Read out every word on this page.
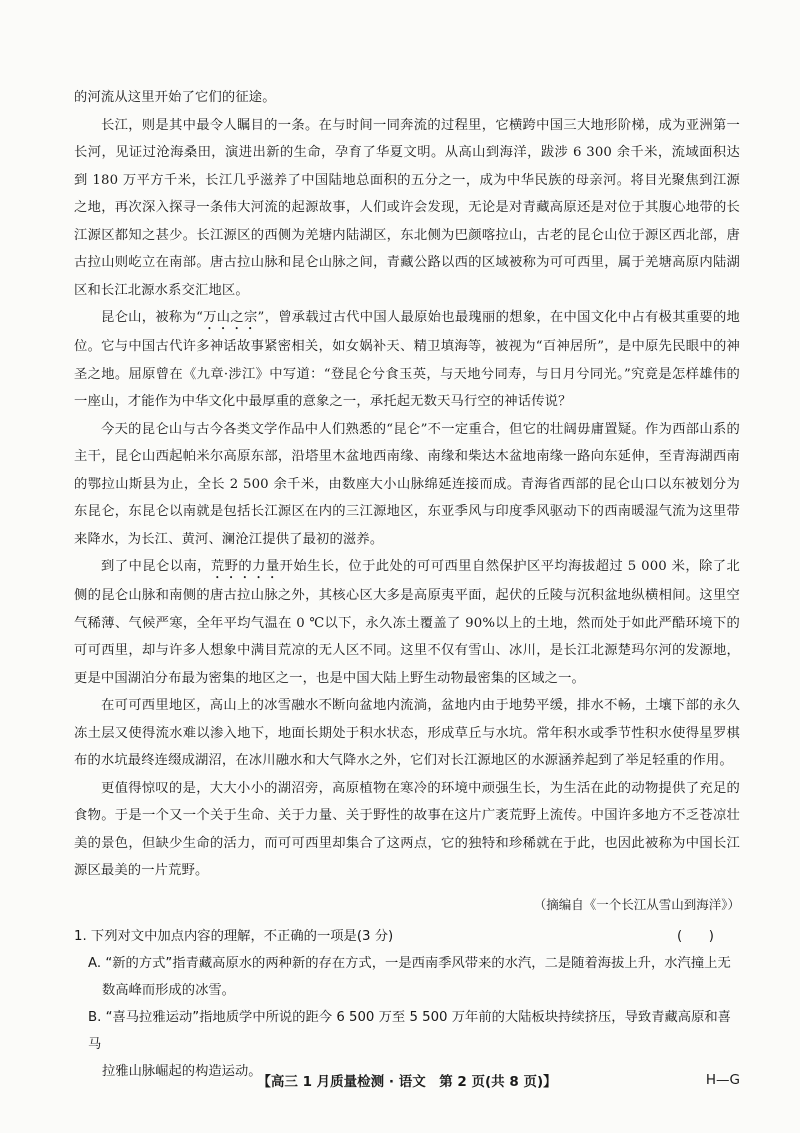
的河流从这里开始了它们的征途。

长江，则是其中最令人瞩目的一条。在与时间一同奔流的过程里，它横跨中国三大地形阶梯，成为亚洲第一长河，见证过沧海桑田，演进出新的生命，孕育了华夏文明。从高山到海洋，跋涉 6 300 余千米，流域面积达到 180 万平方千米，长江几乎滋养了中国陆地总面积的五分之一，成为中华民族的母亲河。将目光聚焦到江源之地，再次深入探寻一条伟大河流的起源故事，人们或许会发现，无论是对青藏高原还是对位于其腹心地带的长江源区都知之甚少。长江源区的西侧为羌塘内陆湖区，东北侧为巴颜喀拉山，古老的昆仑山位于源区西北部，唐古拉山则屹立在南部。唐古拉山脉和昆仑山脉之间，青藏公路以西的区域被称为可可西里，属于羌塘高原内陆湖区和长江北源水系交汇地区。

昆仑山，被称为“万山之宗”，曾承载过古代中国人最原始也最瑰丽的想象，在中国文化中占有极其重要的地位。它与中国古代许多神话故事紧密相关，如女娲补天、精卫填海等，被视为“百神居所”，是中原先民眼中的神圣之地。屈原曾在《九章·涉江》中写道：“登昆仑兮食玉英，与天地兮同寿，与日月兮同光。”究竟是怎样雄伟的一座山，才能作为中华文化中最厚重的意象之一，承托起无数天马行空的神话传说？

今天的昆仑山与古今各类文学作品中人们熟悉的“昆仑”不一定重合，但它的壮阔毋庸置疑。作为西部山系的主干，昆仑山西起帕米尔高原东部，沿塔里木盆地西南缘、南缘和柴达木盆地南缘一路向东延伸，至青海湖西南的鄂拉山斯县为止，全长 2 500 余千米，由数座大小山脉绵延连接而成。青海省西部的昆仑山口以东被划分为东昆仑，东昆仑以南就是包括长江源区在内的三江源地区，东亚季风与印度季风驱动下的西南暖湿气流为这里带来降水，为长江、黄河、澜沧江提供了最初的滋养。

到了中昆仑以南，荒野的力量开始生长，位于此处的可可西里自然保护区平均海拔超过 5 000 米，除了北侧的昆仑山脉和南侧的唐古拉山脉之外，其核心区大多是高原夷平面，起伏的丘陵与沉积盆地纵横相间。这里空气稀薄、气候严寒，全年平均气温在 0 ℃以下，永久冻土覆盖了 90%以上的土地，然而处于如此严酷环境下的可可西里，却与许多人想象中满目荒凉的无人区不同。这里不仅有雪山、冰川，是长江北源楚玛尔河的发源地，更是中国湖泊分布最为密集的地区之一，也是中国大陆上野生动物最密集的区域之一。

在可可西里地区，高山上的冰雪融水不断向盆地内流淌，盆地内由于地势平缓，排水不畅，土壤下部的永久冻土层又使得流水难以渗入地下，地面长期处于积水状态，形成草丘与水坑。常年积水或季节性积水使得星罗棋布的水坑最终连缀成湖沼，在冰川融水和大气降水之外，它们对长江源地区的水源涵养起到了举足轻重的作用。

更值得惊叹的是，大大小小的湖沼旁，高原植物在寒冷的环境中顽强生长，为生活在此的动物提供了充足的食物。于是一个又一个关于生命、关于力量、关于野性的故事在这片广袤荒野上流传。中国许多地方不乏苍凉壮美的景色，但缺少生命的活力，而可可西里却集合了这两点，它的独特和珍稀就在于此，也因此被称为中国长江源区最美的一片荒野。

（摘编自《一个长江从雪山到海洋》）

1. 下列对文中加点内容的理解，不正确的一项是(3 分)	(　　)
A. “新的方式”指青藏高原水的两种新的存在方式，一是西南季风带来的水汽，二是随着海拔上升，水汽撞上无
数高峰而形成的冰雪。
B. “喜马拉雅运动”指地质学中所说的距今 6 500 万至 5 500 万年前的大陆板块持续挤压，导致青藏高原和喜马
拉雅山脉崛起的构造运动。
【高三 1 月质量检测 · 语文　第 2 页(共 8 页)】	H—G
